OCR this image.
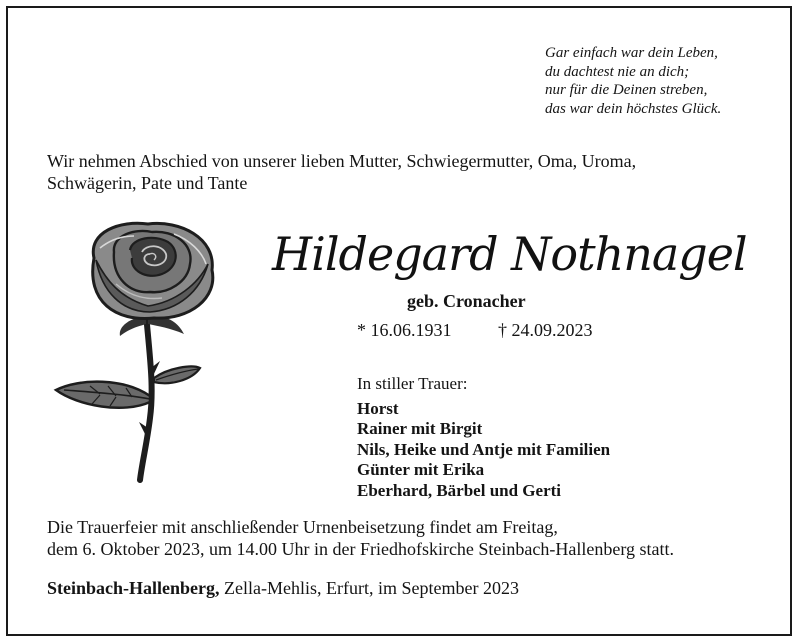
Gar einfach war dein Leben,
du dachtest nie an dich;
nur für die Deinen streben,
das war dein höchstes Glück.
Wir nehmen Abschied von unserer lieben Mutter, Schwiegermutter, Oma, Uroma,
Schwägerin, Pate und Tante
Hildegard Nothnagel
geb. Cronacher
* 16.06.1931	† 24.09.2023
In stiller Trauer:
Horst
Rainer mit Birgit
Nils, Heike und Antje mit Familien
Günter mit Erika
Eberhard, Bärbel und Gerti
Die Trauerfeier mit anschließender Urnenbeisetzung findet am Freitag,
dem 6. Oktober 2023, um 14.00 Uhr in der Friedhofskirche Steinbach-Hallenberg statt.
Steinbach-Hallenberg, Zella-Mehlis, Erfurt, im September 2023
